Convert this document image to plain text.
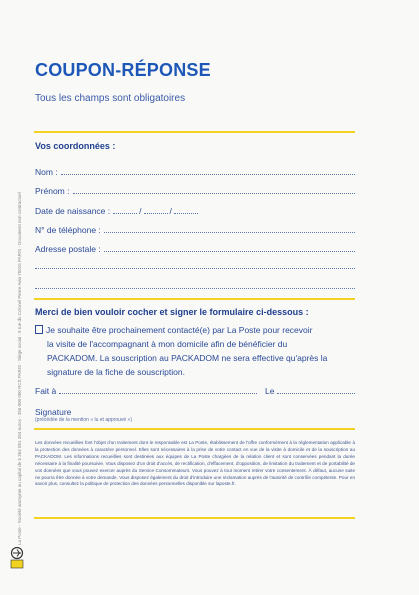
COUPON-RÉPONSE
Tous les champs sont obligatoires
Vos coordonnées :
Nom :
Prénom :
Date de naissance :	/	/
N° de téléphone :
Adresse postale :
Merci de bien vouloir cocher et signer le formulaire ci-dessous :
Je souhaite être prochainement contacté(e) par La Poste pour recevoir
la visite de l'accompagnant à mon domicile afin de bénéficier du
PACKADOM. La souscription au PACKADOM ne sera effective qu'après la
signature de la fiche de souscription.
Fait à	Le
Signature
(précédée de la mention « lu et approuvé »)
Les données recueillies font l'objet d'un traitement dont le responsable est La Poste, établissement de l'offre conformément à la réglementation applicable à la protection des données à caractère personnel. Elles sont nécessaires à la prise de votre contact en vue de la visite à domicile et de la souscription au PACKADOM. Les informations recueillies sont destinées aux équipes de La Poste chargées de la relation client et sont conservées pendant la durée nécessaire à la finalité poursuivie. Vous disposez d'un droit d'accès, de rectification, d'effacement, d'opposition, de limitation du traitement et de portabilité de vos données que vous pouvez exercer auprès du Service Consommateurs. Vous pouvez à tout moment retirer votre consentement. À défaut, aucune suite ne pourra être donnée à votre demande. Vous disposez également du droit d'introduire une réclamation auprès de l'autorité de contrôle compétente. Pour en savoir plus, consultez la politique de protection des données personnelles disponible sur laposte.fr.
La Poste - Société anonyme au capital de 5 364 851 364 euros - 356 000 000 RCS PARIS - Siège social : 9 rue du Colonel Pierre Avia 75015 PARIS - Document non contractuel
